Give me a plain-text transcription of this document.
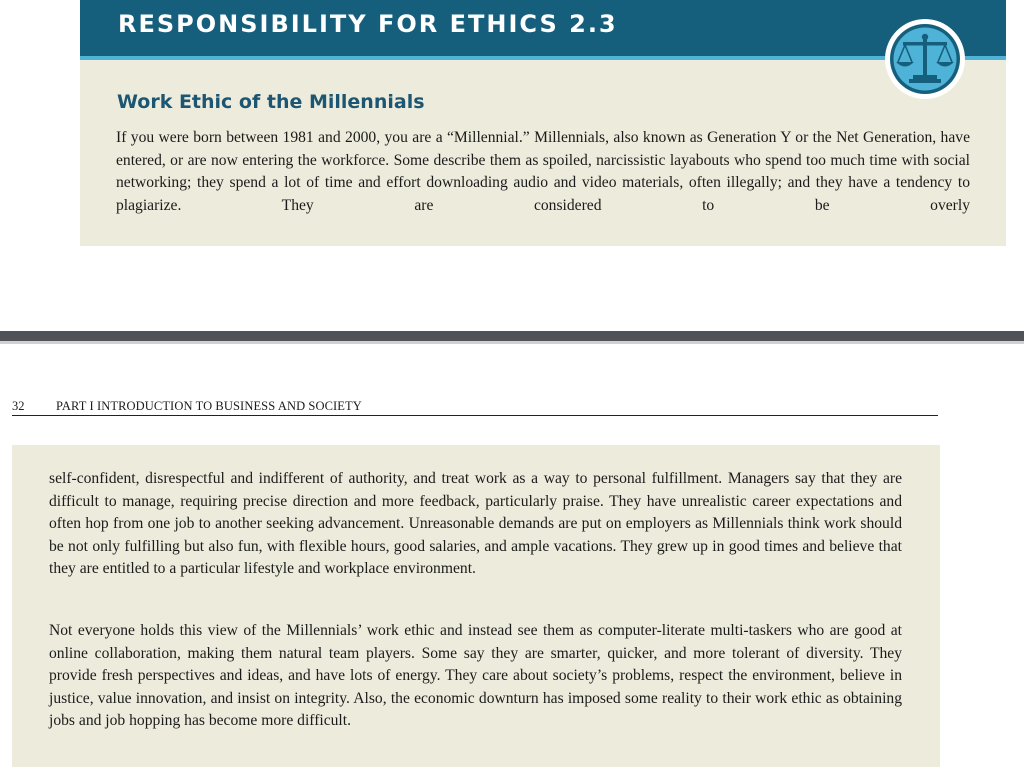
RESPONSIBILITY FOR ETHICS 2.3
Work Ethic of the Millennials

If you were born between 1981 and 2000, you are a “Millennial.” Millennials, also known as Generation Y or the Net Generation, have entered, or are now entering the workforce. Some describe them as spoiled, narcissistic layabouts who spend too much time with social networking; they spend a lot of time and effort downloading audio and video materials, often illegally; and they have a tendency to plagiarize. They are considered to be overly

32	PART I INTRODUCTION TO BUSINESS AND SOCIETY

self-confident, disrespectful and indifferent of authority, and treat work as a way to personal fulfillment. Managers say that they are difficult to manage, requiring precise direction and more feedback, particularly praise. They have unrealistic career expectations and often hop from one job to another seeking advancement. Unreasonable demands are put on employers as Millennials think work should be not only fulfilling but also fun, with flexible hours, good salaries, and ample vacations. They grew up in good times and believe that they are entitled to a particular lifestyle and workplace environment.

Not everyone holds this view of the Millennials’ work ethic and instead see them as computer-literate multi-taskers who are good at online collaboration, making them natural team players. Some say they are smarter, quicker, and more tolerant of diversity. They provide fresh perspectives and ideas, and have lots of energy. They care about society’s problems, respect the environment, believe in justice, value innovation, and insist on integrity. Also, the economic downturn has imposed some reality to their work ethic as obtaining jobs and job hopping has become more difficult.
